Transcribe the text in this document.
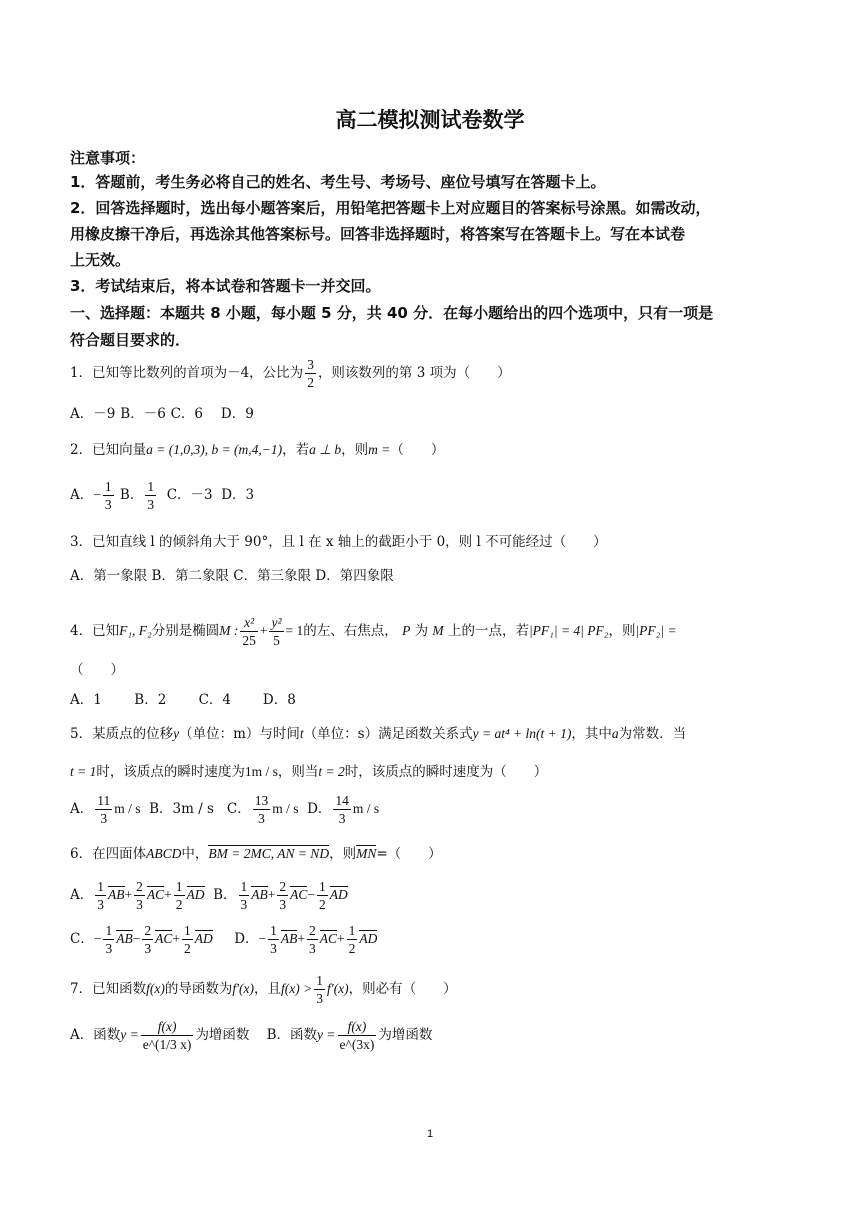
高二模拟测试卷数学
注意事项：
1．答题前，考生务必将自己的姓名、考生号、考场号、座位号填写在答题卡上。
2．回答选择题时，选出每小题答案后，用铅笔把答题卡上对应题目的答案标号涂黑。如需改动，
用橡皮擦干净后，再选涂其他答案标号。回答非选择题时，将答案写在答题卡上。写在本试卷
上无效。
3．考试结束后，将本试卷和答题卡一并交回。
一、选择题：本题共 8 小题，每小题 5 分，共 40 分．在每小题给出的四个选项中，只有一项是
符合题目要求的．
1．已知等比数列的首项为－4，公比为 $\frac{3}{2}$ ，则该数列的第 3 项为（　　）
A．－9 B．－6 C．6 D．9
2．已知向量a = (1,0,3), b = (m,4,−1)，若a ⊥ b，则m =（　　）
A．− $\frac{1}{3}$ B． $\frac{1}{3}$ C．－3 D．3
3．已知直线 l 的倾斜角大于 90°，且 l 在 x 轴上的截距小于 0，则 l 不可能经过（　　）
A．第一象限 B．第二象限 C．第三象限 D．第四象限
4．已知F₁, F₂分别是椭圆M : $\frac{\text{x²}}{25} + \frac{\text{y²}}{5} = 1$的左、右焦点， P 为 M 上的一点，若|PF₁| = 4| PF₂，则|PF₂| =
（　　）
A．1 B．2 C．4 D．8
5．某质点的位移y（单位：m）与时间t（单位：s）满足函数关系式y = at⁴ + ln(t + 1)，其中a为常数．当
t = 1时，该质点的瞬时速度为1m / s，则当t = 2时，该质点的瞬时速度为（　　）
A． $\frac{11}{3}$ m / s B．3m / s C． $\frac{13}{3}$ m / s D． $\frac{14}{3}$ m / s
6．在四面体ABCD中，BM = 2MC, AN = ND，则MN=（　　）
A． $\frac{1}{3} AB+ \frac{2}{3} AC+ \frac{1}{2}$ AD B． $\frac{1}{3} AB+ \frac{2}{3} AC- \frac{1}{2}$ AD
C．− $\frac{1}{3} AB- \frac{2}{3} AC+ \frac{1}{2}$ AD D．− $\frac{1}{3} AB+ \frac{2}{3} AC+ \frac{1}{2}$ AD
7．已知函数f(x)的导函数为f′(x)，且$f(x) > \frac{1}{3} f'(x)$，则必有（　　）
A．函数$y = \frac{f(x)}{e\^{}(1/3 x)}$ 为增函数 B．函数$y = \frac{f(x)}{e\^{}(3x)}$ 为增函数
1
